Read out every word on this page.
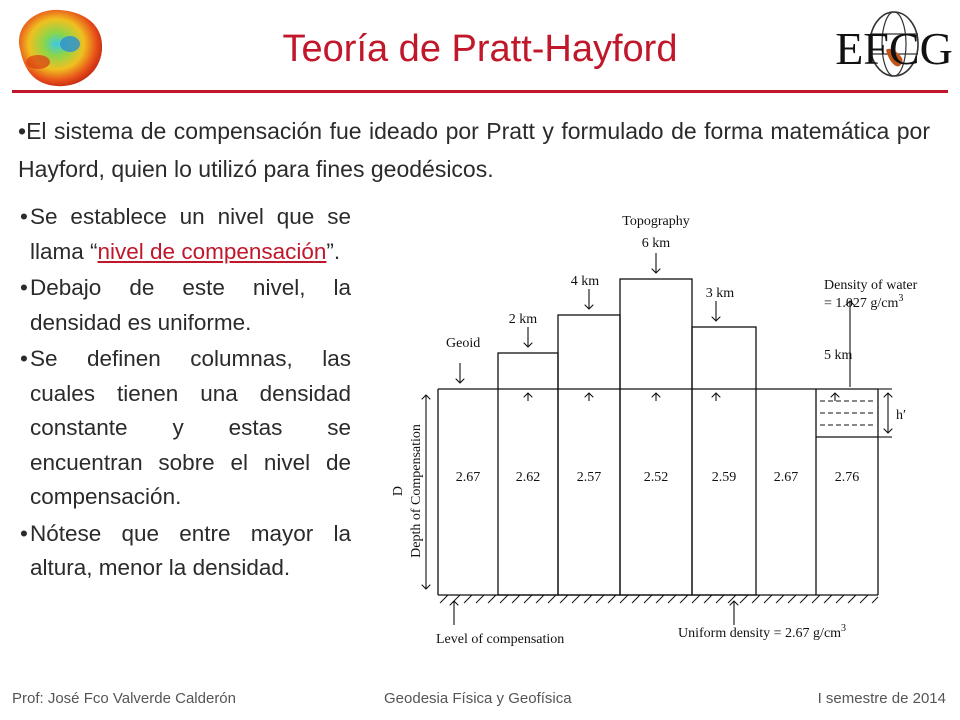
Teoría de Pratt-Hayford	EFCG
•El sistema de compensación fue ideado por Pratt y formulado de forma matemática por Hayford, quien lo utilizó para fines geodésicos.
• Se establece un nivel que se llama “nivel de compensación”.
• Debajo de este nivel, la densidad es uniforme.
• Se definen columnas, las cuales tienen una densidad constante y estas se encuentran sobre el nivel de compensación.
• Nótese que entre mayor la altura, menor la densidad.
Topography
6 km
4 km
2 km
3 km
Geoid
Density of water
= 1.027 $g/cm^3$
5 km
h′
2.67	2.62	2.57	2.52	2.59	2.67	2.76
D Depth of Compensation
Level of compensation	Uniform density = 2.67 $g/cm^3$
Prof: José Fco Valverde Calderón	Geodesia Física y Geofísica	I semestre de 2014
